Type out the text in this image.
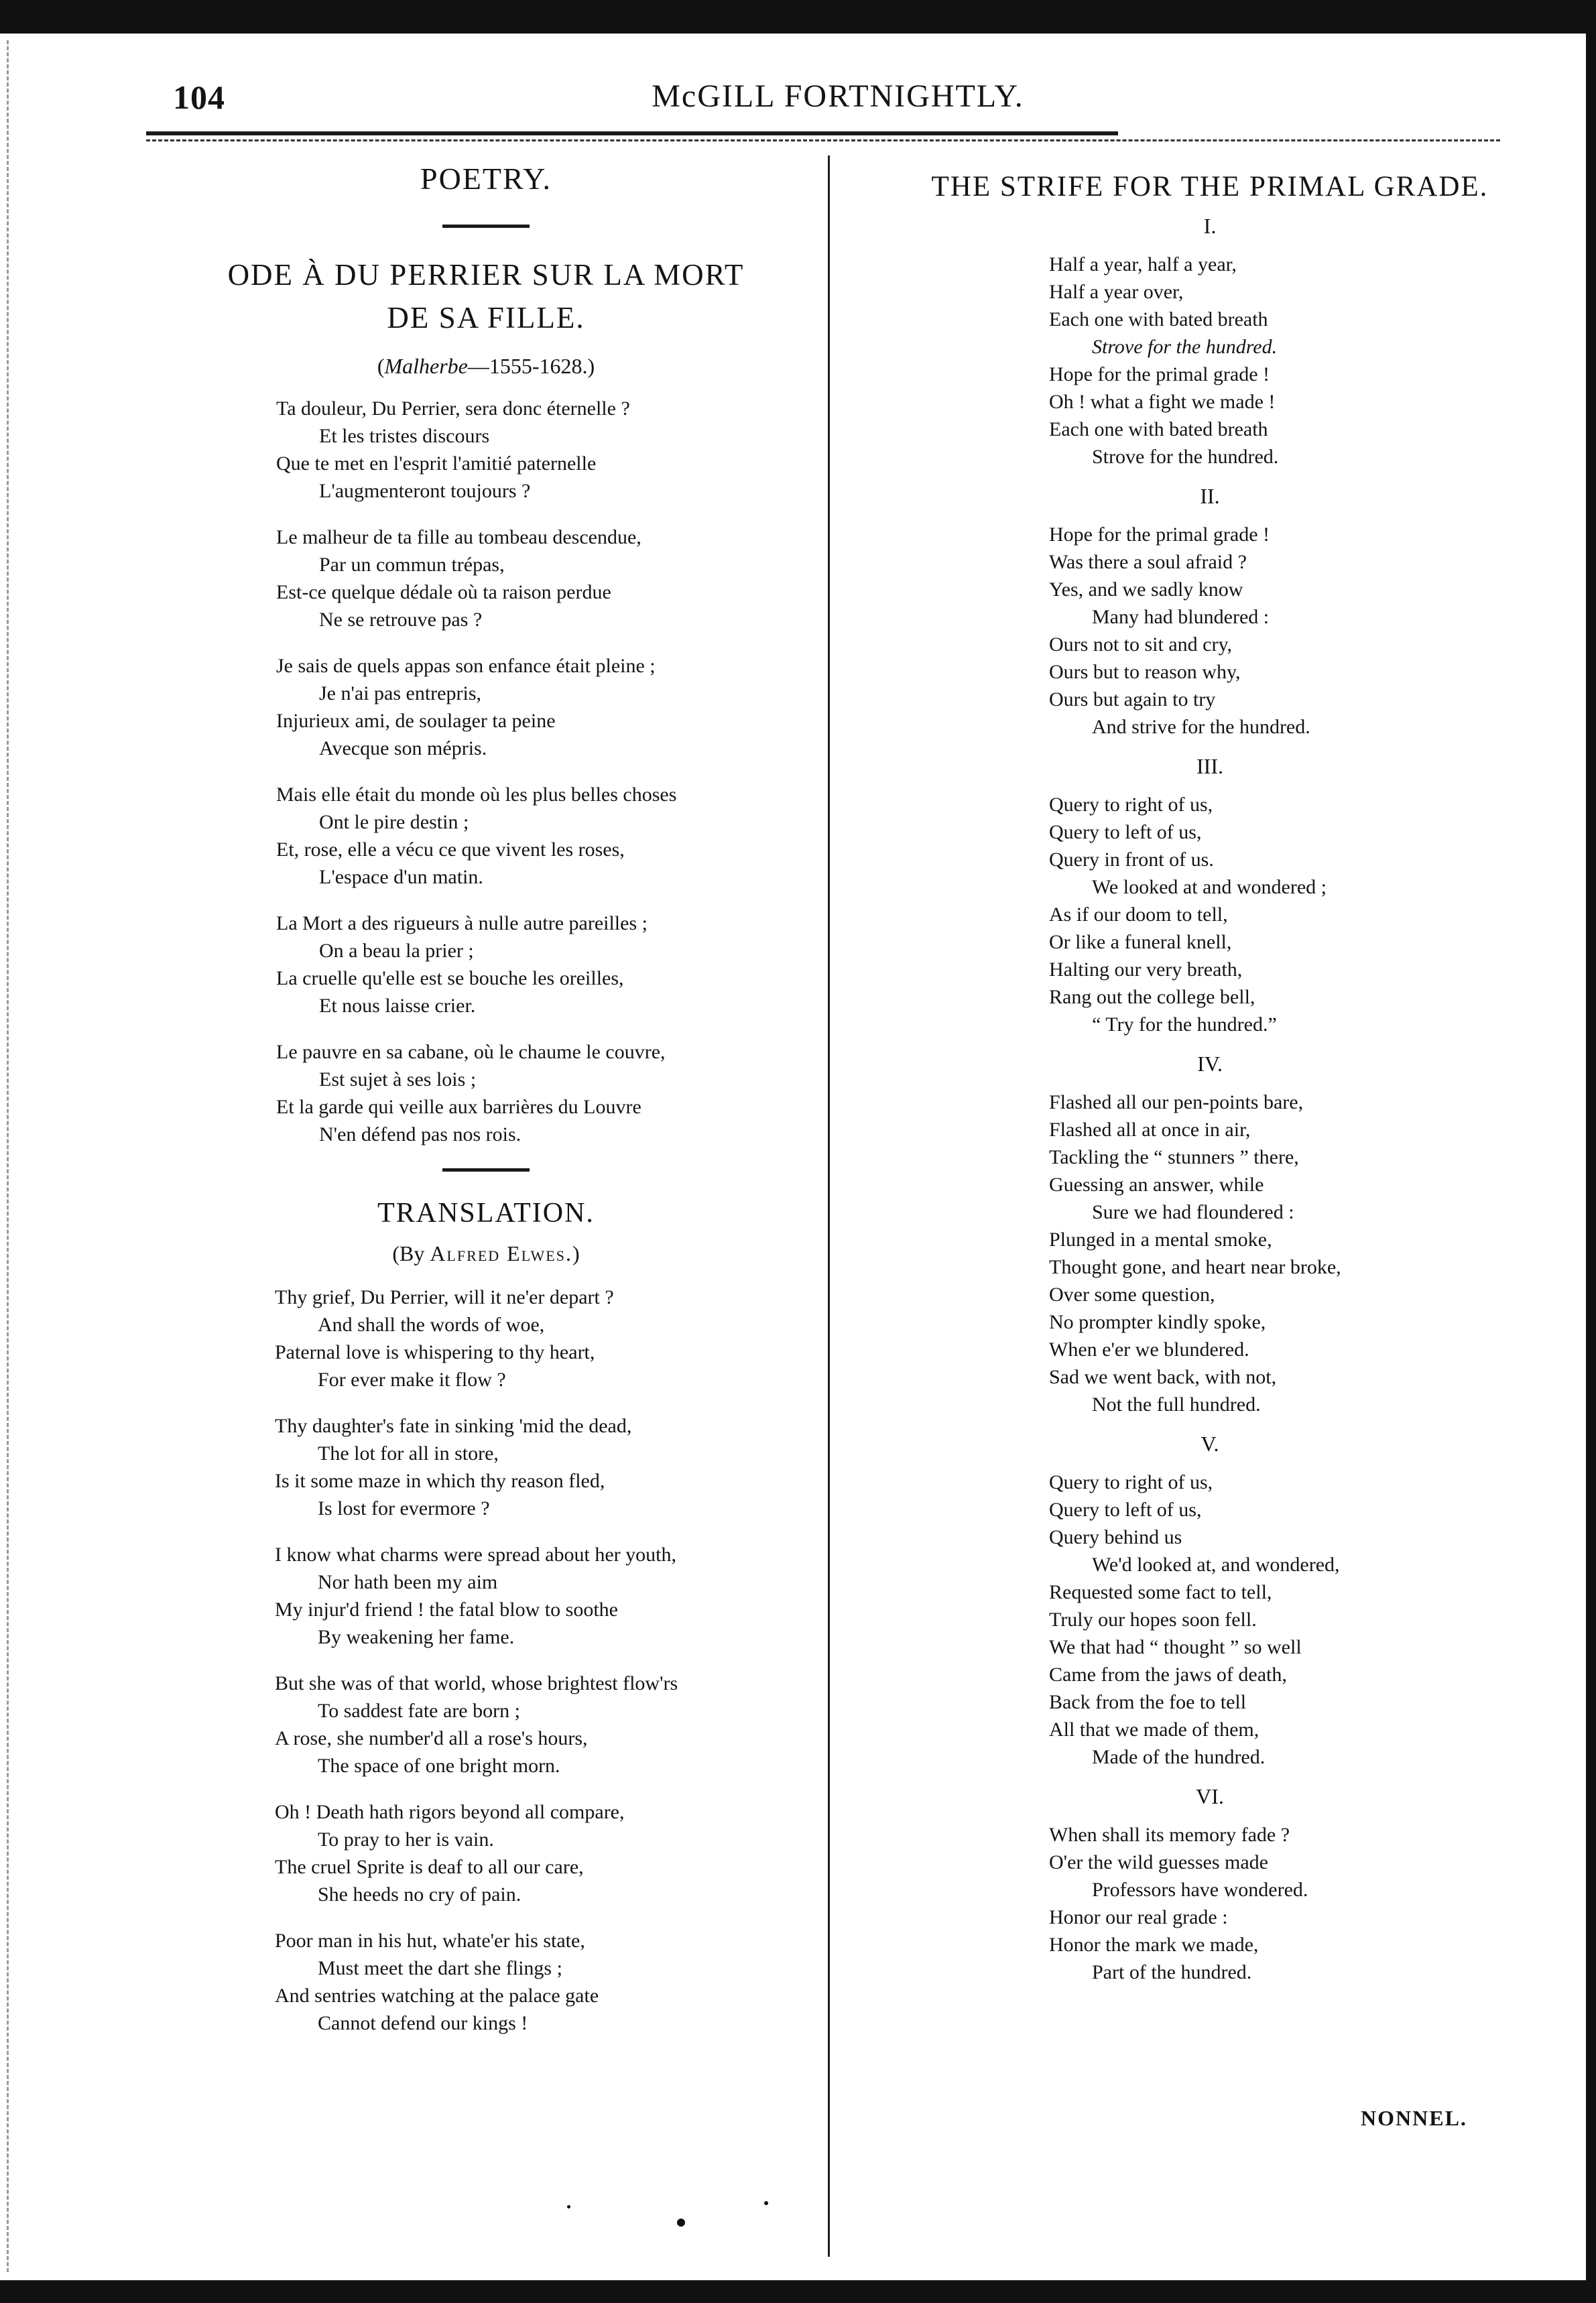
104	McGILL FORTNIGHTLY.
POETRY.
ODE À DU PERRIER SUR LA MORT
DE SA FILLE.
(Malherbe—1555-1628.)
Ta douleur, Du Perrier, sera donc éternelle ?
Et les tristes discours
Que te met en l'esprit l'amitié paternelle
L'augmenteront toujours ?
Le malheur de ta fille au tombeau descendue,
Par un commun trépas,
Est-ce quelque dédale où ta raison perdue
Ne se retrouve pas ?
Je sais de quels appas son enfance était pleine ;
Je n'ai pas entrepris,
Injurieux ami, de soulager ta peine
Avecque son mépris.
Mais elle était du monde où les plus belles choses
Ont le pire destin ;
Et, rose, elle a vécu ce que vivent les roses,
L'espace d'un matin.
La Mort a des rigueurs à nulle autre pareilles ;
On a beau la prier ;
La cruelle qu'elle est se bouche les oreilles,
Et nous laisse crier.
Le pauvre en sa cabane, où le chaume le couvre,
Est sujet à ses lois ;
Et la garde qui veille aux barrières du Louvre
N'en défend pas nos rois.
TRANSLATION.
(By Alfred Elwes.)
Thy grief, Du Perrier, will it ne'er depart ?
And shall the words of woe,
Paternal love is whispering to thy heart,
For ever make it flow ?
Thy daughter's fate in sinking 'mid the dead,
The lot for all in store,
Is it some maze in which thy reason fled,
Is lost for evermore ?
I know what charms were spread about her youth,
Nor hath been my aim
My injur'd friend ! the fatal blow to soothe
By weakening her fame.
But she was of that world, whose brightest flow'rs
To saddest fate are born ;
A rose, she number'd all a rose's hours,
The space of one bright morn.
Oh ! Death hath rigors beyond all compare,
To pray to her is vain.
The cruel Sprite is deaf to all our care,
She heeds no cry of pain.
Poor man in his hut, whate'er his state,
Must meet the dart she flings ;
And sentries watching at the palace gate
Cannot defend our kings !
THE STRIFE FOR THE PRIMAL GRADE.
I.
Half a year, half a year,
Half a year over,
Each one with bated breath
Strove for the hundred.
Hope for the primal grade !
Oh ! what a fight we made !
Each one with bated breath
Strove for the hundred.
II.
Hope for the primal grade !
Was there a soul afraid ?
Yes, and we sadly know
Many had blundered :
Ours not to sit and cry,
Ours but to reason why,
Ours but again to try
And strive for the hundred.
III.
Query to right of us,
Query to left of us,
Query in front of us.
We looked at and wondered ;
As if our doom to tell,
Or like a funeral knell,
Halting our very breath,
Rang out the college bell,
“ Try for the hundred.”
IV.
Flashed all our pen-points bare,
Flashed all at once in air,
Tackling the “ stunners ” there,
Guessing an answer, while
Sure we had floundered :
Plunged in a mental smoke,
Thought gone, and heart near broke,
Over some question,
No prompter kindly spoke,
When e'er we blundered.
Sad we went back, with not,
Not the full hundred.
V.
Query to right of us,
Query to left of us,
Query behind us
We'd looked at, and wondered,
Requested some fact to tell,
Truly our hopes soon fell.
We that had “ thought ” so well
Came from the jaws of death,
Back from the foe to tell
All that we made of them,
Made of the hundred.
VI.
When shall its memory fade ?
O'er the wild guesses made
Professors have wondered.
Honor our real grade :
Honor the mark we made,
Part of the hundred.
NONNEL.
